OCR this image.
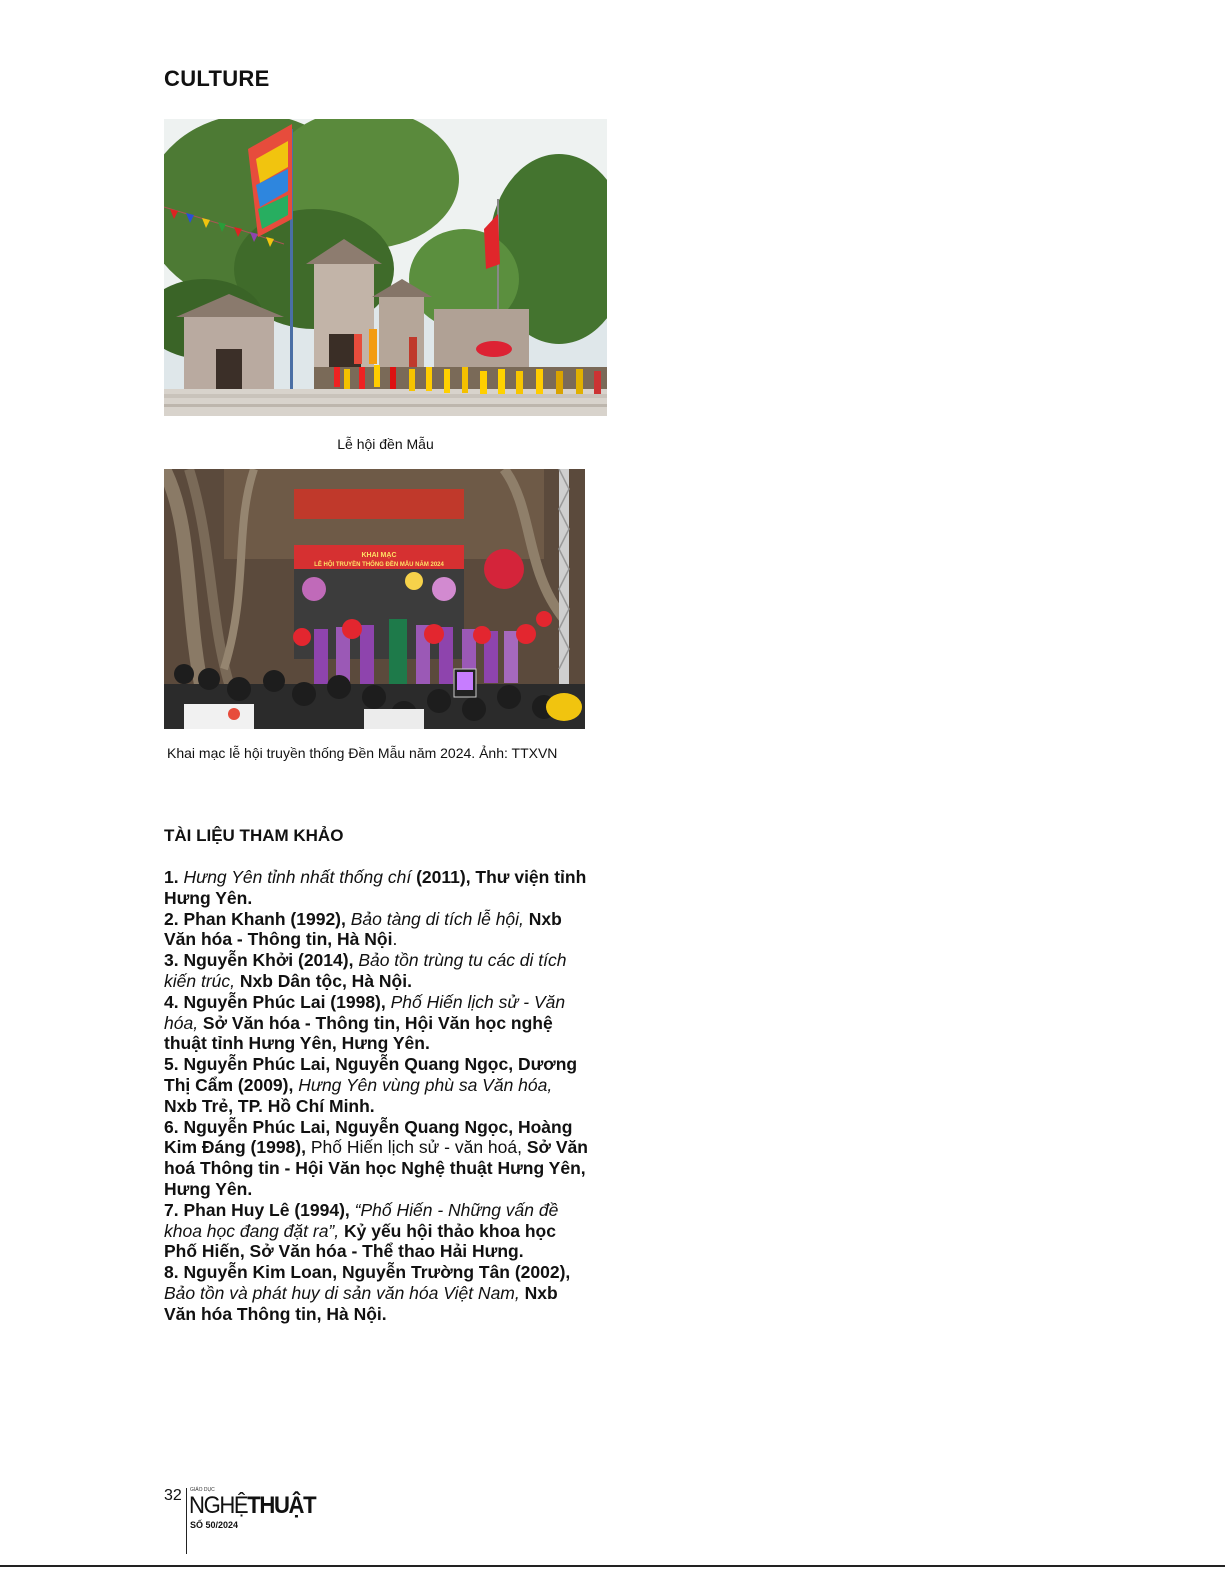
CULTURE
Lễ hội đền Mẫu
KHAI MẠC
LỄ HỘI TRUYỀN THỐNG ĐỀN MẪU NĂM 2024
Khai mạc lễ hội truyền thống Đền Mẫu năm 2024. Ảnh: TTXVN
TÀI LIỆU THAM KHẢO
1. Hưng Yên tỉnh nhất thống chí (2011), Thư viện tỉnh Hưng Yên.
2. Phan Khanh (1992), Bảo tàng di tích lễ hội, Nxb Văn hóa - Thông tin, Hà Nội.
3. Nguyễn Khởi (2014), Bảo tồn trùng tu các di tích kiến trúc, Nxb Dân tộc, Hà Nội.
4. Nguyễn Phúc Lai (1998), Phố Hiến lịch sử - Văn hóa, Sở Văn hóa - Thông tin, Hội Văn học nghệ thuật tỉnh Hưng Yên, Hưng Yên.
5. Nguyễn Phúc Lai, Nguyễn Quang Ngọc, Dương Thị Cẩm (2009), Hưng Yên vùng phù sa Văn hóa, Nxb Trẻ, TP. Hồ Chí Minh.
6. Nguyễn Phúc Lai, Nguyễn Quang Ngọc, Hoàng Kim Đáng (1998), Phố Hiến lịch sử - văn hoá, Sở Văn hoá Thông tin - Hội Văn học Nghệ thuật Hưng Yên, Hưng Yên.
7. Phan Huy Lê (1994), “Phố Hiến - Những vấn đề khoa học đang đặt ra”, Kỷ yếu hội thảo khoa học Phố Hiến, Sở Văn hóa - Thể thao Hải Hưng.
8. Nguyễn Kim Loan, Nguyễn Trường Tân (2002), Bảo tồn và phát huy di sản văn hóa Việt Nam, Nxb Văn hóa Thông tin, Hà Nội.
32 GIÁO DỤC
NGHỆTHUẬT
SỐ 50/2024
